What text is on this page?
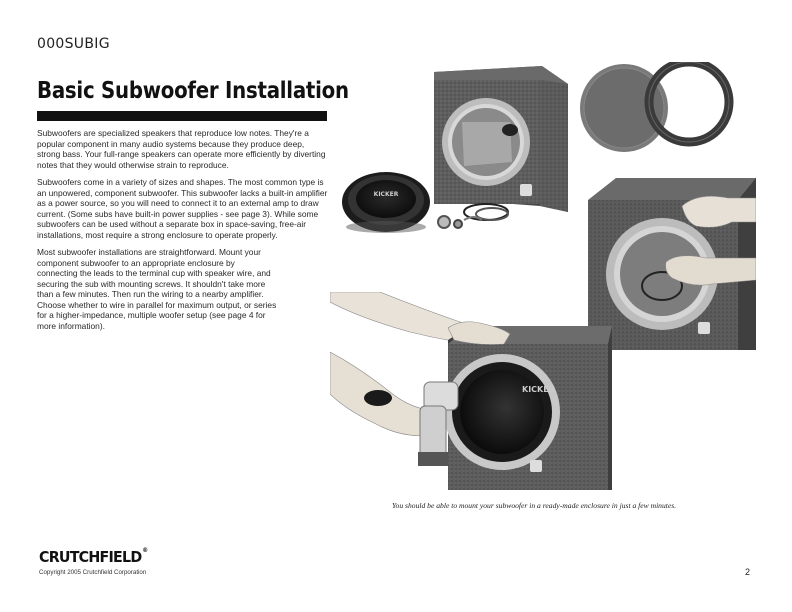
000SUBIG
Basic Subwoofer Installation

Subwoofers are specialized speakers that reproduce low notes. They're a popular component in many audio systems because they produce deep, strong bass. Your full-range speakers can operate more efficiently by diverting notes that they would otherwise strain to reproduce.

Subwoofers come in a variety of sizes and shapes. The most common type is an unpowered, component subwoofer. This subwoofer lacks a built-in amplifier as a power source, so you will need to connect it to an external amp to draw current. (Some subs have built-in power supplies - see page 3). While some subwoofers can be used without a separate box in space-saving, free-air installations, most require a strong enclosure to operate properly.

Most subwoofer installations are straightforward. Mount your component subwoofer to an appropriate enclosure by connecting the leads to the terminal cup with speaker wire, and securing the sub with mounting screws. It shouldn't take more than a few minutes. Then run the wiring to a nearby amplifier. Choose whether to wire in parallel for maximum output, or series for a higher-impedance, multiple woofer setup (see page 4 for more information).

KICKER
KICKER
You should be able to mount your subwoofer in a ready-made enclosure in just a few minutes.
CRUTCHFIELD®
Copyright 2005 Crutchfield Corporation	2
